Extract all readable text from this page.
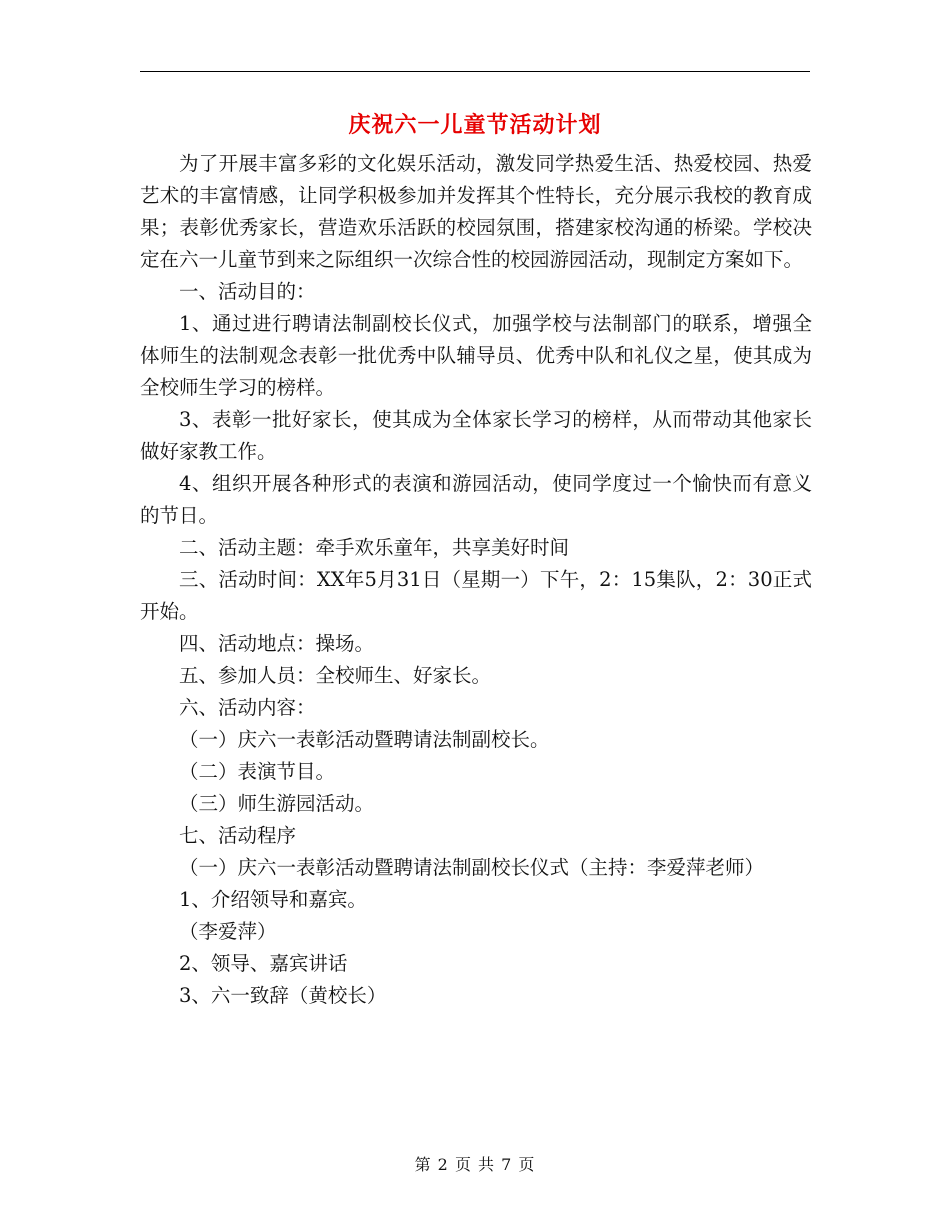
庆祝六一儿童节活动计划

为了开展丰富多彩的文化娱乐活动，激发同学热爱生活、热爱校园、热爱艺术的丰富情感，让同学积极参加并发挥其个性特长，充分展示我校的教育成果；表彰优秀家长，营造欢乐活跃的校园氛围，搭建家校沟通的桥梁。学校决定在六一儿童节到来之际组织一次综合性的校园游园活动，现制定方案如下。

一、活动目的：

1、通过进行聘请法制副校长仪式，加强学校与法制部门的联系，增强全体师生的法制观念表彰一批优秀中队辅导员、优秀中队和礼仪之星，使其成为全校师生学习的榜样。

3、表彰一批好家长，使其成为全体家长学习的榜样，从而带动其他家长做好家教工作。

4、组织开展各种形式的表演和游园活动，使同学度过一个愉快而有意义的节日。

二、活动主题：牵手欢乐童年，共享美好时间

三、活动时间：XX年5月31日（星期一）下午，2：15集队，2：30正式开始。

四、活动地点：操场。

五、参加人员：全校师生、好家长。

六、活动内容：

（一）庆六一表彰活动暨聘请法制副校长。

（二）表演节目。

（三）师生游园活动。

七、活动程序

（一）庆六一表彰活动暨聘请法制副校长仪式（主持：李爱萍老师）

1、介绍领导和嘉宾。

（李爱萍）

2、领导、嘉宾讲话

3、六一致辞（黄校长）

第 2 页 共 7 页
